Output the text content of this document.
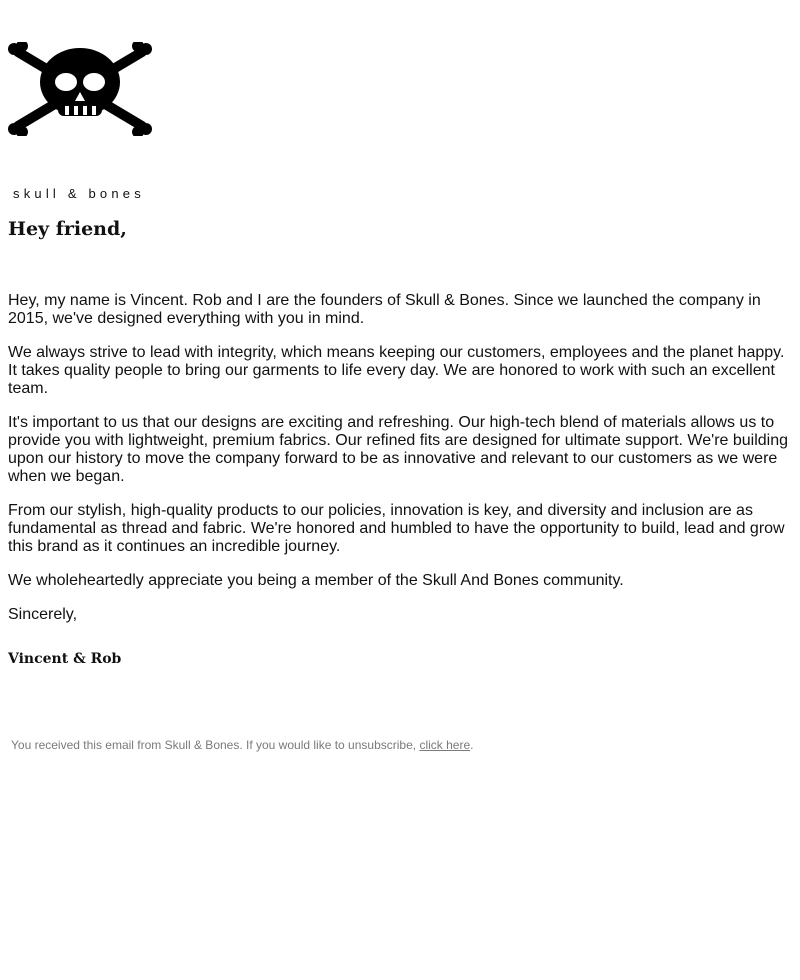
skull & bones
Hey friend,

Hey, my name is Vincent. Rob and I are the founders of Skull & Bones. Since we launched the company in 2015, we've designed everything with you in mind.

We always strive to lead with integrity, which means keeping our customers, employees and the planet happy. It takes quality people to bring our garments to life every day. We are honored to work with such an excellent team.

It's important to us that our designs are exciting and refreshing. Our high-tech blend of materials allows us to provide you with lightweight, premium fabrics. Our refined fits are designed for ultimate support. We're building upon our history to move the company forward to be as innovative and relevant to our customers as we were when we began.

From our stylish, high-quality products to our policies, innovation is key, and diversity and inclusion are as fundamental as thread and fabric. We're honored and humbled to have the opportunity to build, lead and grow this brand as it continues an incredible journey.

We wholeheartedly appreciate you being a member of the Skull And Bones community.

Sincerely,

Vincent & Rob
You received this email from Skull & Bones. If you would like to unsubscribe, click here.
